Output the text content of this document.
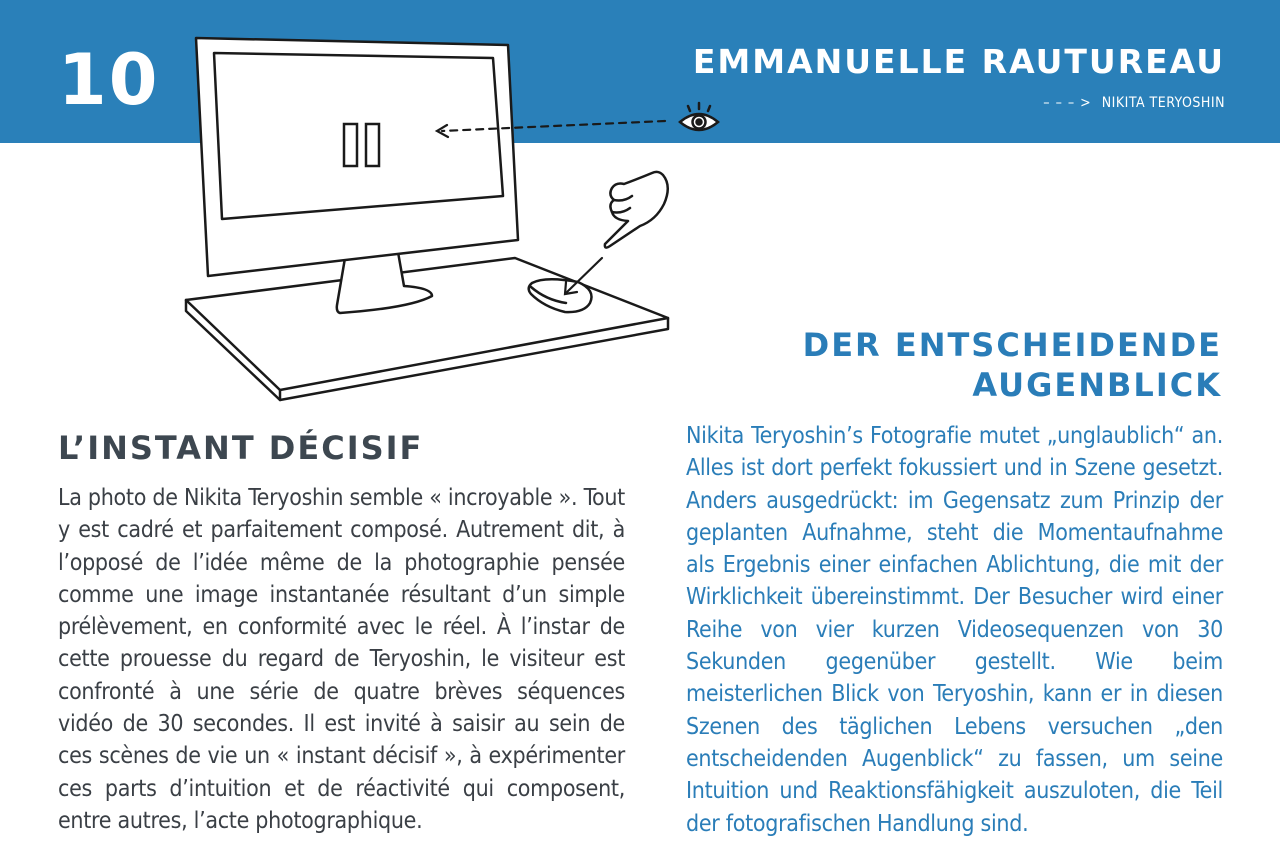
10	EMMANUELLE RAUTUREAU
– – – > NIKITA TERYOSHIN
L’INSTANT DÉCISIF
La photo de Nikita Teryoshin semble « incroyable ». Tout y est cadré et parfaitement composé. Autrement dit, à l’opposé de l’idée même de la photographie pensée comme une image instantanée résultant d’un simple prélèvement, en conformité avec le réel. À l’instar de cette prouesse du regard de Teryoshin, le visiteur est confronté à une série de quatre brèves séquences vidéo de 30 secondes. Il est invité à saisir au sein de ces scènes de vie un « instant décisif », à expérimenter ces parts d’intuition et de réactivité qui composent, entre autres, l’acte photographique.
DER ENTSCHEIDENDE AUGENBLICK
Nikita Teryoshin’s Fotografie mutet „unglaublich“ an. Alles ist dort perfekt fokussiert und in Szene gesetzt. Anders ausgedrückt: im Gegensatz zum Prinzip der geplanten Aufnahme, steht die Momentaufnahme als Ergebnis einer einfachen Ablichtung, die mit der Wirklichkeit übereinstimmt. Der Besucher wird einer Reihe von vier kurzen Videosequenzen von 30 Sekunden gegenüber gestellt. Wie beim meisterlichen Blick von Teryoshin, kann er in diesen Szenen des täglichen Lebens versuchen „den entscheidenden Augenblick“ zu fassen, um seine Intuition und Reaktionsfähigkeit auszuloten, die Teil der fotografischen Handlung sind.
